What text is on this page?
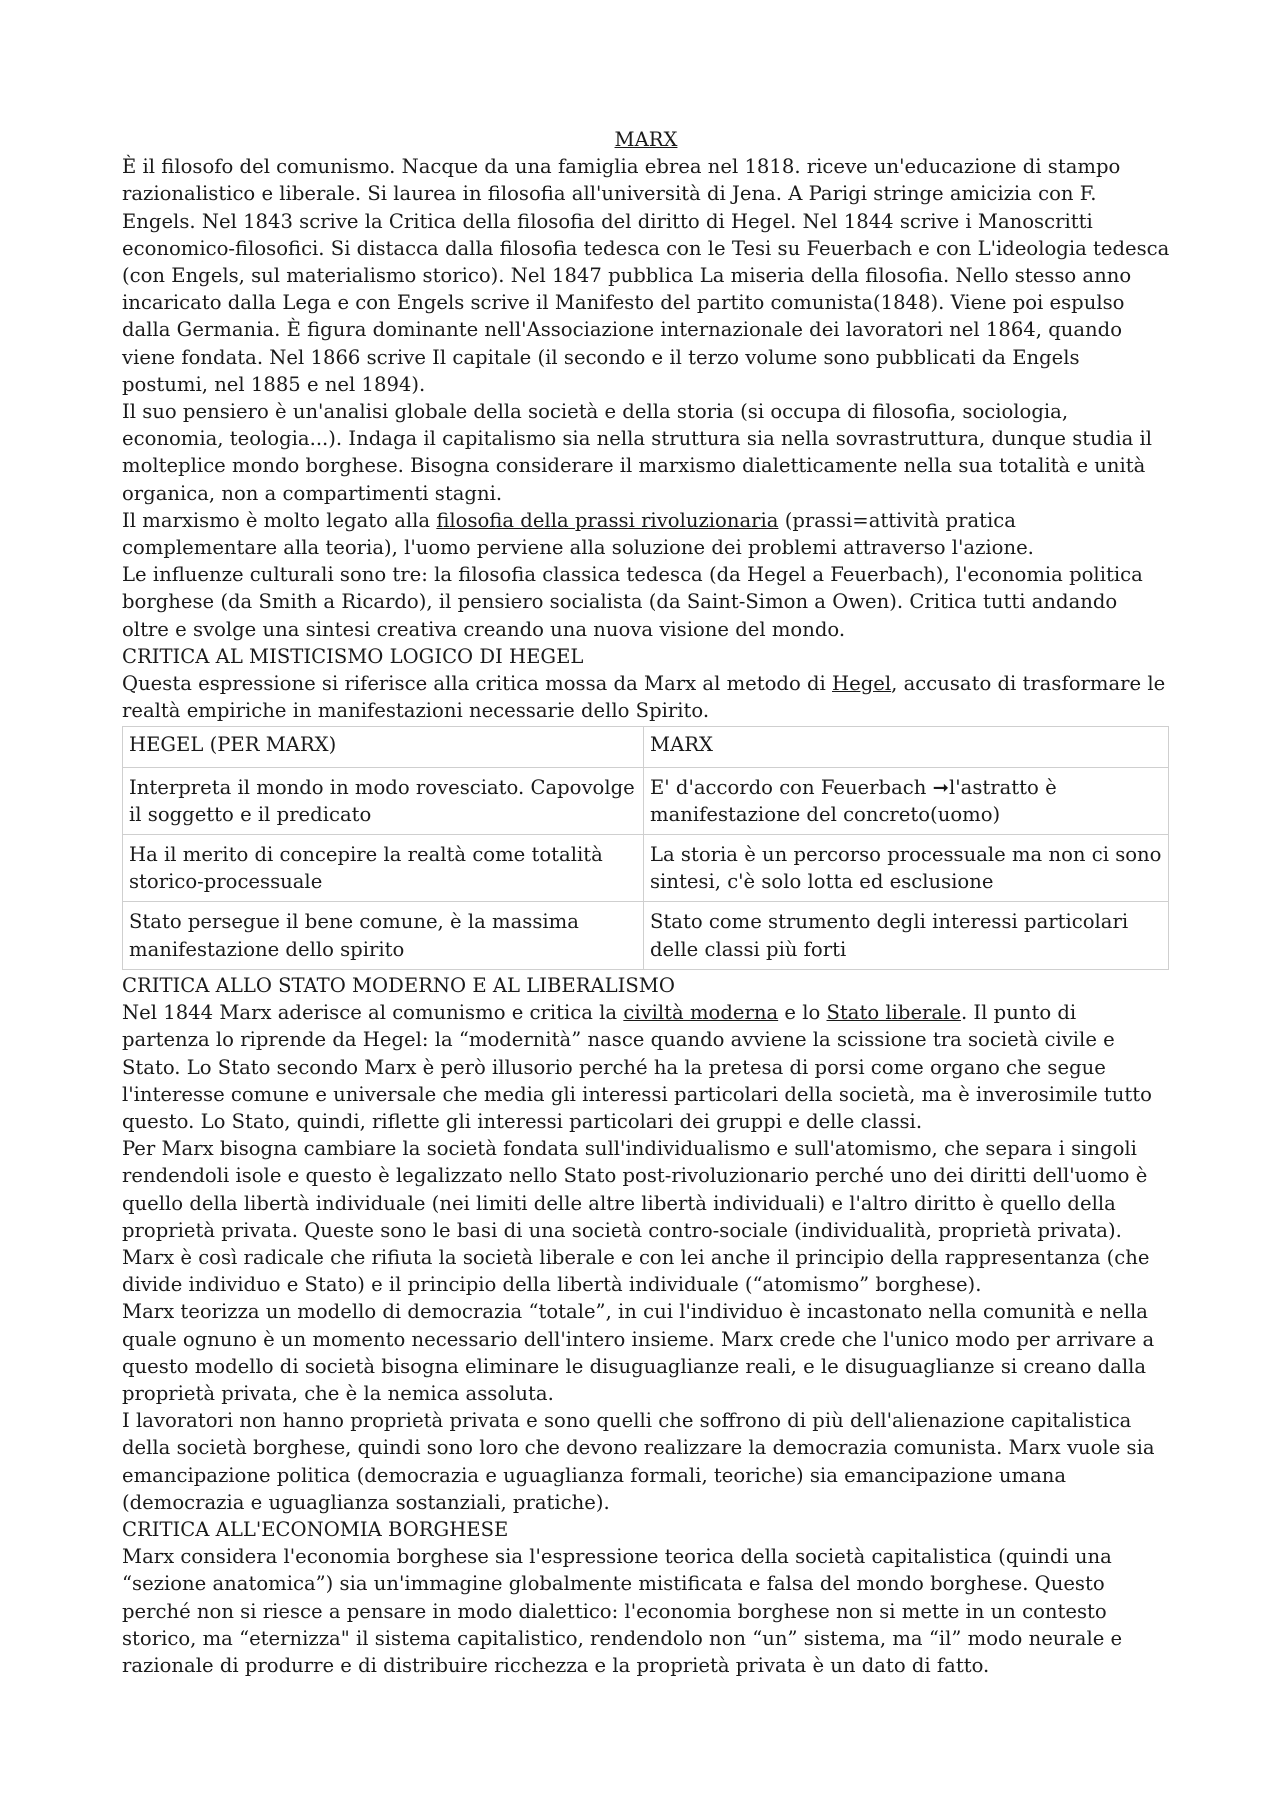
MARX

È il filosofo del comunismo. Nacque da una famiglia ebrea nel 1818. riceve un'educazione di stampo razionalistico e liberale. Si laurea in filosofia all'università di Jena. A Parigi stringe amicizia con F. Engels. Nel 1843 scrive la Critica della filosofia del diritto di Hegel. Nel 1844 scrive i Manoscritti economico-filosofici. Si distacca dalla filosofia tedesca con le Tesi su Feuerbach e con L'ideologia tedesca (con Engels, sul materialismo storico). Nel 1847 pubblica La miseria della filosofia. Nello stesso anno incaricato dalla Lega e con Engels scrive il Manifesto del partito comunista(1848). Viene poi espulso dalla Germania. È figura dominante nell'Associazione internazionale dei lavoratori nel 1864, quando viene fondata. Nel 1866 scrive Il capitale (il secondo e il terzo volume sono pubblicati da Engels postumi, nel 1885 e nel 1894).

Il suo pensiero è un'analisi globale della società e della storia (si occupa di filosofia, sociologia, economia, teologia...). Indaga il capitalismo sia nella struttura sia nella sovrastruttura, dunque studia il molteplice mondo borghese. Bisogna considerare il marxismo dialetticamente nella sua totalità e unità organica, non a compartimenti stagni.

Il marxismo è molto legato alla filosofia della prassi rivoluzionaria (prassi=attività pratica complementare alla teoria), l'uomo perviene alla soluzione dei problemi attraverso l'azione.

Le influenze culturali sono tre: la filosofia classica tedesca (da Hegel a Feuerbach), l'economia politica borghese (da Smith a Ricardo), il pensiero socialista (da Saint-Simon a Owen). Critica tutti andando oltre e svolge una sintesi creativa creando una nuova visione del mondo.

CRITICA AL MISTICISMO LOGICO DI HEGEL

Questa espressione si riferisce alla critica mossa da Marx al metodo di Hegel, accusato di trasformare le realtà empiriche in manifestazioni necessarie dello Spirito.

HEGEL (PER MARX)	MARX
Interpreta il mondo in modo rovesciato. Capovolge il soggetto e il predicato	E' d'accordo con Feuerbach ➞l'astratto è manifestazione del concreto(uomo)
Ha il merito di concepire la realtà come totalità storico-processuale	La storia è un percorso processuale ma non ci sono sintesi, c'è solo lotta ed esclusione
Stato persegue il bene comune, è la massima manifestazione dello spirito	Stato come strumento degli interessi particolari delle classi più forti
CRITICA ALLO STATO MODERNO E AL LIBERALISMO

Nel 1844 Marx aderisce al comunismo e critica la civiltà moderna e lo Stato liberale. Il punto di partenza lo riprende da Hegel: la “modernità” nasce quando avviene la scissione tra società civile e Stato. Lo Stato secondo Marx è però illusorio perché ha la pretesa di porsi come organo che segue l'interesse comune e universale che media gli interessi particolari della società, ma è inverosimile tutto questo. Lo Stato, quindi, riflette gli interessi particolari dei gruppi e delle classi.

Per Marx bisogna cambiare la società fondata sull'individualismo e sull'atomismo, che separa i singoli rendendoli isole e questo è legalizzato nello Stato post-rivoluzionario perché uno dei diritti dell'uomo è quello della libertà individuale (nei limiti delle altre libertà individuali) e l'altro diritto è quello della proprietà privata. Queste sono le basi di una società contro-sociale (individualità, proprietà privata).

Marx è così radicale che rifiuta la società liberale e con lei anche il principio della rappresentanza (che divide individuo e Stato) e il principio della libertà individuale (“atomismo” borghese).

Marx teorizza un modello di democrazia “totale”, in cui l'individuo è incastonato nella comunità e nella quale ognuno è un momento necessario dell'intero insieme. Marx crede che l'unico modo per arrivare a questo modello di società bisogna eliminare le disuguaglianze reali, e le disuguaglianze si creano dalla proprietà privata, che è la nemica assoluta.

I lavoratori non hanno proprietà privata e sono quelli che soffrono di più dell'alienazione capitalistica della società borghese, quindi sono loro che devono realizzare la democrazia comunista. Marx vuole sia emancipazione politica (democrazia e uguaglianza formali, teoriche) sia emancipazione umana (democrazia e uguaglianza sostanziali, pratiche).

CRITICA ALL'ECONOMIA BORGHESE

Marx considera l'economia borghese sia l'espressione teorica della società capitalistica (quindi una “sezione anatomica”) sia un'immagine globalmente mistificata e falsa del mondo borghese. Questo perché non si riesce a pensare in modo dialettico: l'economia borghese non si mette in un contesto storico, ma “eternizza" il sistema capitalistico, rendendolo non “un” sistema, ma “il” modo neurale e razionale di produrre e di distribuire ricchezza e la proprietà privata è un dato di fatto.
